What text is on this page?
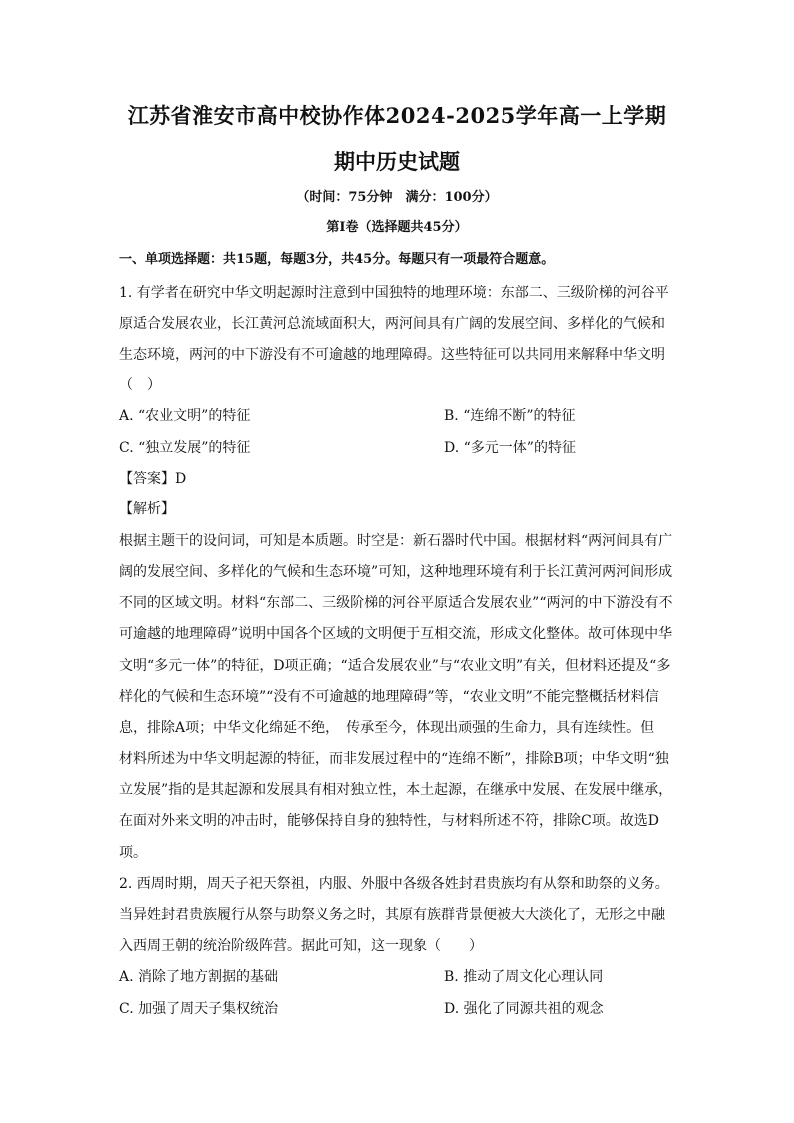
江苏省淮安市高中校协作体2024-2025学年高一上学期
期中历史试题
（时间：75分钟　满分：100分）
第Ⅰ卷（选择题共45分）
一、单项选择题：共15题，每题3分，共45分。每题只有一项最符合题意。
1. 有学者在研究中华文明起源时注意到中国独特的地理环境：东部二、三级阶梯的河谷平
原适合发展农业，长江黄河总流域面积大，两河间具有广阔的发展空间、多样化的气候和
生态环境，两河的中下游没有不可逾越的地理障碍。这些特征可以共同用来解释中华文明
（　）
A. “农业文明”的特征	B. “连绵不断”的特征
C. “独立发展”的特征	D. “多元一体”的特征
【答案】D
【解析】
根据主题干的设问词，可知是本质题。时空是：新石器时代中国。根据材料“两河间具有广
阔的发展空间、多样化的气候和生态环境”可知，这种地理环境有利于长江黄河两河间形成
不同的区域文明。材料“东部二、三级阶梯的河谷平原适合发展农业”“两河的中下游没有不
可逾越的地理障碍”说明中国各个区域的文明便于互相交流，形成文化整体。故可体现中华
文明“多元一体”的特征，D项正确；“适合发展农业”与“农业文明”有关，但材料还提及“多
样化的气候和生态环境”“没有不可逾越的地理障碍”等，“农业文明”不能完整概括材料信
息，排除A项；中华文化绵延不绝，　传承至今，体现出顽强的生命力，具有连续性。但
材料所述为中华文明起源的特征，而非发展过程中的“连绵不断”，排除B项；中华文明“独
立发展”指的是其起源和发展具有相对独立性，本土起源，在继承中发展、在发展中继承，
在面对外来文明的冲击时，能够保持自身的独特性，与材料所述不符，排除C项。故选D
项。
2. 西周时期，周天子祀天祭祖，内服、外服中各级各姓封君贵族均有从祭和助祭的义务。
当异姓封君贵族履行从祭与助祭义务之时，其原有族群背景便被大大淡化了，无形之中融
入西周王朝的统治阶级阵营。据此可知，这一现象（　　）
A. 消除了地方割据的基础	B. 推动了周文化心理认同
C. 加强了周天子集权统治	D. 强化了同源共祖的观念
